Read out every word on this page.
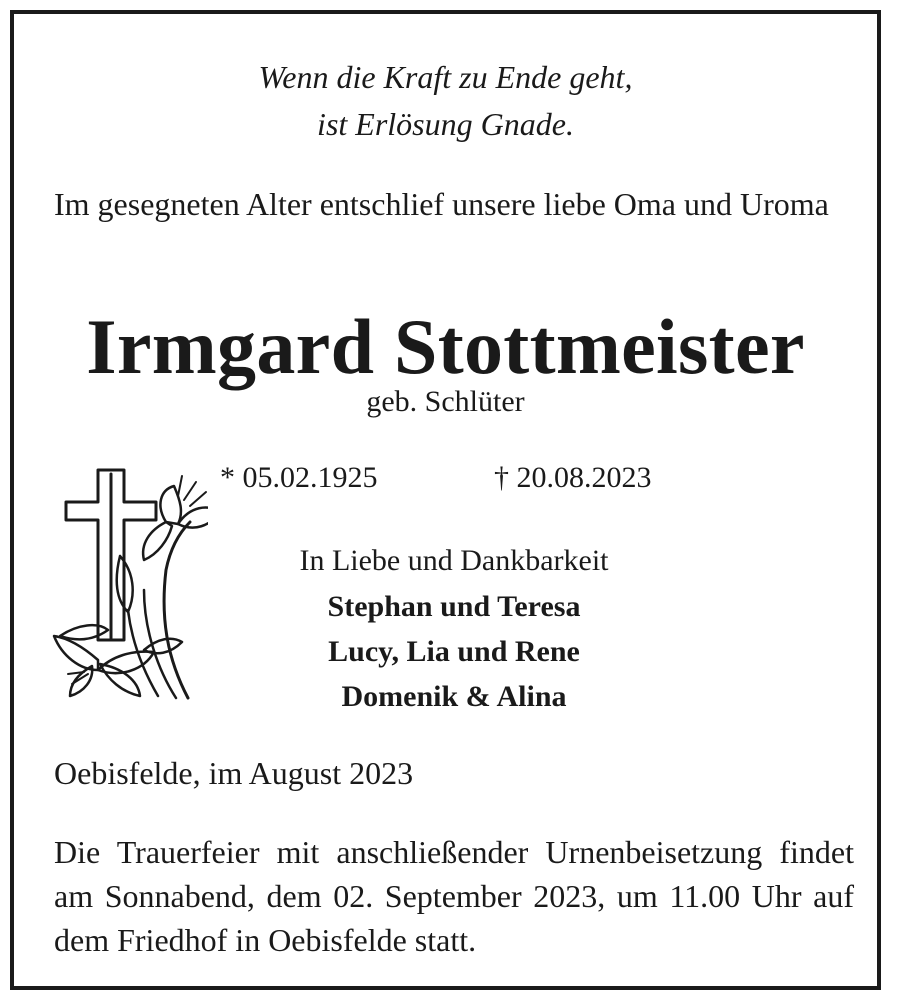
Wenn die Kraft zu Ende geht,
ist Erlösung Gnade.
Im gesegneten Alter entschlief unsere liebe Oma und Uroma
Irmgard Stottmeister
geb. Schlüter
* 05.02.1925	† 20.08.2023
In Liebe und Dankbarkeit
Stephan und Teresa
Lucy, Lia und Rene
Domenik & Alina
Oebisfelde, im August 2023
Die Trauerfeier mit anschließender Urnenbeisetzung findet am Sonnabend, dem 02. September 2023, um 11.00 Uhr auf dem Friedhof in Oebisfelde statt.
